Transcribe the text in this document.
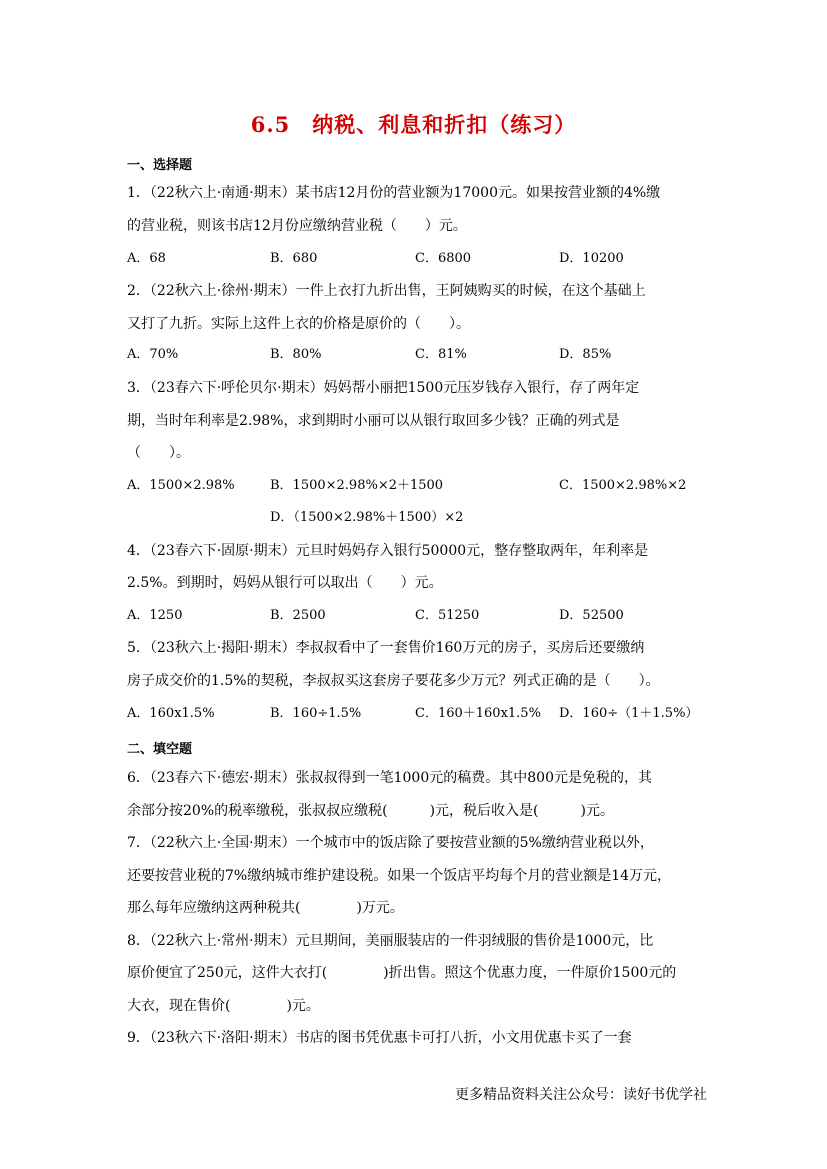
6.5　纳税、利息和折扣（练习）
一、选择题
1．（22秋六上·南通·期末）某书店12月份的营业额为17000元。如果按营业额的4%缴
的营业税，则该书店12月份应缴纳营业税（　　）元。
A．68	B．680	C．6800	D．10200
2．（22秋六上·徐州·期末）一件上衣打九折出售，王阿姨购买的时候，在这个基础上
又打了九折。实际上这件上衣的价格是原价的（　　）。
A．70%	B．80%	C．81%	D．85%
3．（23春六下·呼伦贝尔·期末）妈妈帮小丽把1500元压岁钱存入银行，存了两年定
期，当时年利率是2.98%，求到期时小丽可以从银行取回多少钱？正确的列式是
（　　）。
A．1500×2.98%	B．1500×2.98%×2＋1500	C．1500×2.98%×2
D．（1500×2.98%＋1500）×2
4．（23春六下·固原·期末）元旦时妈妈存入银行50000元，整存整取两年，年利率是
2.5%。到期时，妈妈从银行可以取出（　　）元。
A．1250	B．2500	C．51250	D．52500
5．（23秋六上·揭阳·期末）李叔叔看中了一套售价160万元的房子，买房后还要缴纳
房子成交价的1.5%的契税，李叔叔买这套房子要花多少万元？列式正确的是（　　）。
A．160x1.5%	B．160÷1.5%	C．160＋160x1.5% D．160÷（1＋1.5%）
二、填空题
6．（23春六下·德宏·期末）张叔叔得到一笔1000元的稿费。其中800元是免税的，其
余部分按20%的税率缴税，张叔叔应缴税(　　　)元，税后收入是(　　　)元。
7．（22秋六上·全国·期末）一个城市中的饭店除了要按营业额的5%缴纳营业税以外，
还要按营业税的7%缴纳城市维护建设税。如果一个饭店平均每个月的营业额是14万元，
那么每年应缴纳这两种税共(　　　　)万元。
8．（22秋六上·常州·期末）元旦期间，美丽服装店的一件羽绒服的售价是1000元，比
原价便宜了250元，这件大衣打(　　　　)折出售。照这个优惠力度，一件原价1500元的
大衣，现在售价(　　　　)元。
9．（23秋六下·洛阳·期末）书店的图书凭优惠卡可打八折，小文用优惠卡买了一套
更多精品资料关注公众号：读好书优学社
